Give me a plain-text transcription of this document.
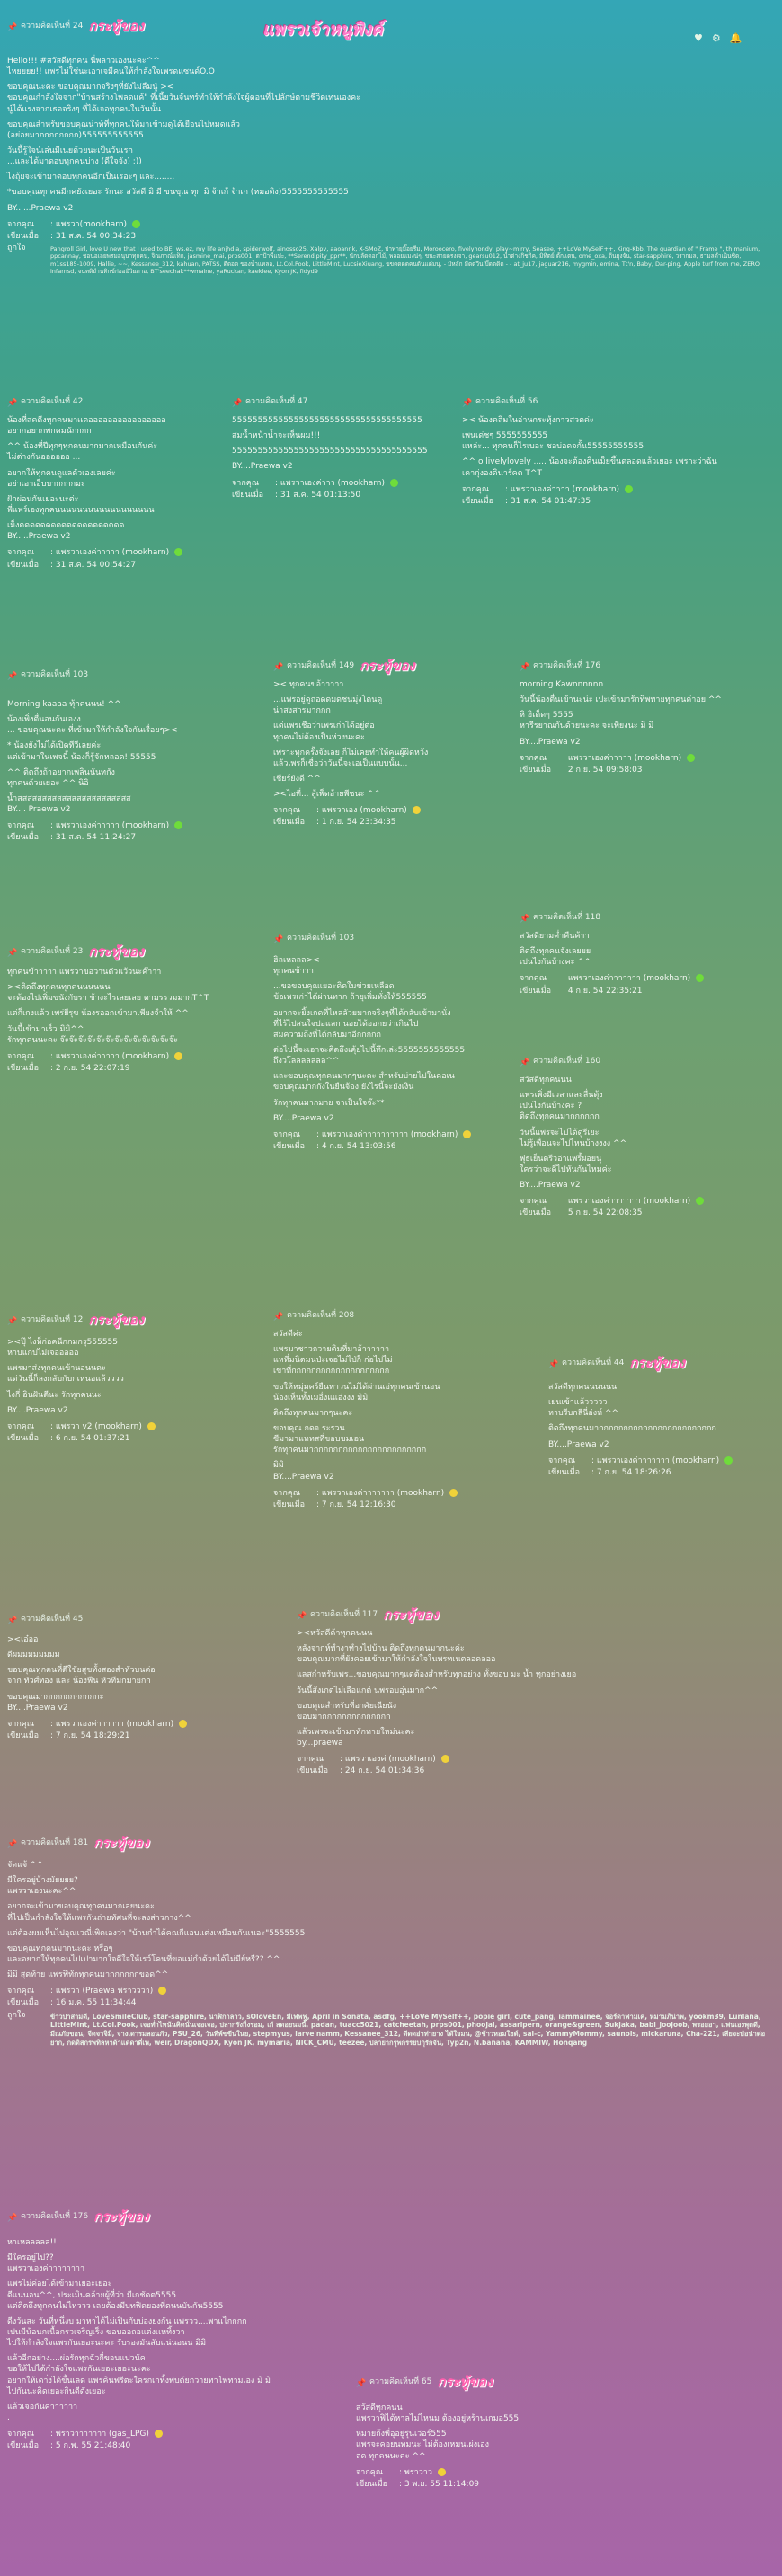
แพรวเจ้าหนูพิงค์	♥ ⚙ 🔔
📌 ความคิดเห็นที่ 24 กระทู้ของ

Hello!!! #สวัสดีทุกคน นี่พลาวเองนะคะ^^
ไหยยยย!! แพรไม่ใช่นะเอาเจมีคนให้กำลังใจเพรดแซนด์O.O

ขอบคุณนะคะ ขอบคุณมากจริงๆที่ยังไม่ลืมนู๋ ><
ขอบคุณกำลังใจจาก"บ้านสร้างโพลดแค้" ที่เนี้ยวันจันทร์ทำให้กำลังใจผู้ตอนที่ไปลักษ์ตามชีวิตเทนเองคะ
นู๋ได้แรงจากเธอจริงๆ ที่ได้เจอทุกคนในวันนั้น

ขอบคุณสำหรับขอบคุณน่าท์ที่ทุกคนให้มาเข้ามดูได้เยือนไปหมดแล้ว
(อย่อยมากกกกกกกก)555555555555

วันนี้รู้ใจน์เล่นมีเนยด้วยนะเป็นวันเรก
...และได้มาดอบทุกคนบ่าง (ดีใจจัง) :))

ไงถุ้ยจะเข้ามาตอบทุกคนอีกเป็นเรอะๆ และ........

*ขอบคุณทุกคนมีกคยังเยอะ รักนะ สวัสดี มิ มี ขนขุณ ทุก มิ จ้าเก้ จ้าเก (หมอติง)5555555555555

BY......Praewa v2

จากคุณ	: แพรวา(mookharn)
เขียนเมื่อ	: 31 ส.ค. 54 00:34:23
ถูกใจ	Pangroll Girl, love U new that I used to BE. ws.ez, my life anjhdla, spiderwolf, ainosso25, Xalpv, aaoannk, X-SMoZ, ปาพายุมิ๊อยรีม, Moroocero, fivelyhondy, play~mirry, Seasee, ++LoVe MySelF++, King-Kbb, The guardian of " Frame ", th.manium, ppcannay, ชอนอเลยพรมอนุนาทุกคน, จิณภาณ์แท็ก, jasmine_mai, prps001, ตาป้าพี่แปะ, **Serendipity_ppr**, นักปลัดดอกไม้, พลอยแมงน่ๆ, ขนะสายตรงเจา, gearsu012, น้ำต่างกิชกิค, มิทิตย์ ตั๊กแตน, ome_oxa, ถิ่นยุงจัน, star-sapphire, วรากมล, ธามลดำเนินซิด, m1ss185-1009, Hallie, ~~, Kessanee_312, kahuan, PATSS, ดีดอด ของน้ำแหลอ, Lt.Col.Pook, LittleMint, LucsieXiuang, ขขดดดดคนต้นแต่มนุ, - มิหลัก มีดดวีน ปิ๊ดดดิด - - at_ju17, jaguar216, mygmin, emina, Tt'n, Baby, Dar-ping, Apple turf from me, ZERO infarnsd, จนทติยำนทิกข์ก่ออมิวิยภาอ, BT'seechak**wmaine, yaRuckan, kaeklee, Kyon JK, fidyd9
📌 ความคิดเห็นที่ 42

น้องที่สคดีงทุกคนมาเเดออออออออออออออออ
อยากอยากพกคมนักกกก

^^ น้องที่ปีทุกๆทุกคนมากมากเหมือนกันค่ะ
ไม่ต่างกันออออออ ...

อยากให้ทุกคนดูแลตัวเองเลยค่ะ
อย่าเอาเอ็บบากกกกมะ

ฝักผ่อนกันเยอะนะต่ะ
พี่แพร์เองทุกคนนนนนนนนนนนนนนนนนน

เม็งดดดดดดดดดดดดดดดดดดดด
BY.....Praewa v2

จากคุณ	: แพรวาเองค่าาาาา (mookharn)
เขียนเมื่อ	: 31 ส.ค. 54 00:54:27
📌 ความคิดเห็นที่ 47

5555555555555555555555555555555555555

สมน้ำหน้าน้ำจะเห็นผม!!!

55555555555555555555555555555555555555

BY....Praewa v2

จากคุณ	: แพรวาเองค่าาา (mookharn)
เขียนเมื่อ	: 31 ส.ค. 54 01:13:50
📌 ความคิดเห็นที่ 56

>< น้องคลิมในอ่านกระทุ้งกาวสวตค่ะ

เพนเด่ชๆ 5555555555
แหล่ะ... ทุกคนก็ไรเบอะ ชอบ่อดจกั้น55555555555

^^ o livelylovely ..... น้องจะต้องคินเม็ยขึ้นตลอดแล้วเยอะ เพราะว่าฉัน
เคากุ่งองดินาร์คด T^T

จากคุณ	: แพรวาเองค่าาาา (mookharn)
เขียนเมื่อ	: 31 ส.ค. 54 01:47:35
📌 ความคิดเห็นที่ 103

Morning kaaaa ทุ้กคนนน! ^^

น้องเพิ่งตื่นอนกันเองง
... ขอบคุณนะคะ ที่เข้ามาให้กำลังใจกันเรื่อยๆ><

* น้องยังไม่ได้เปิดทีวีเลยค่ะ
แต่เข้ามาในเพจนี้ น้องก็รู้จักหลอด! 55555

^^ ติดถึงถ้าอยากเพลินนันทกัง
ทุกคนด้วยเยอะ ^^ นิอิ

น้ำสสสสสสสสสสสสสสสสสสสสสสส
BY.... Praewa v2

จากคุณ	: แพรวาเองค่าาาาา (mookharn)
เขียนเมื่อ	: 31 ส.ค. 54 11:24:27
📌 ความคิดเห็นที่ 149 กระทู้ของ

>< ทุกคนขอ้าาาาา

...แพรอยู่ดูถอดดมดชนมุ่งโดนดู
น่าสงสารมากกก

แต่แพรเชือว่าเพรเก่าได้อยู่ต่อ
ทุกคนไม่ต้องเป็นห่วงนะคะ

เพราะทุกครั้งจังเลย ก็ไม่เคยทำให้คนผู้ผิดหวัง
แล้วเพรก็เชื่อว่าวันนี้จะเอเป็นแบบนั้น...

เชียร์ยังดี ^^

><ไอที่... สู้เพ็ดอ้ายพีชนะ ^^

จากคุณ	: แพรวาเอง (mookharn)
เขียนเมื่อ	: 1 ก.ย. 54 23:34:35
📌 ความคิดเห็นที่ 176

morning Kawnnnnnn

วันนี้น้องตื่นเข้านะน่ะ เปะเข้ามารักทิพทายทุกคนค่าอย ^^

หิ ฮิเด็ดๆ 5555
หารีรยาณกันด้วยนะคะ จะเพียงนะ มิ มิ

BY....Praewa v2

จากคุณ	: แพรวาเองค่าาาาา (mookharn)
เขียนเมื่อ	: 2 ก.ย. 54 09:58:03
📌 ความคิดเห็นที่ 23 กระทู้ของ

ทุกคนข้าาาาา แพรวาขอวานตัวแว้วนะค๊าาา

><ติดถึงทุกคนทุกคนนนนนน
จะต้องไปเพิ่มขนังกับรา ข้างะไรเลยเลย ตามรรวมมากT^T

แต่ก็เกงแล้ว เพร่ยีรุข น้องรออกเข้ามาเพียงจำให้ ^^

วันนี้เข้ามาเร็ว มิมิ^^
รักทุกคนนะคะ จ๊ะจ๊ะจ๊ะจ๊ะจ๊ะจ๊ะจ๊ะจ๊ะจ๊ะจ๊ะจ๊ะจ๊ะจ๊ะ

จากคุณ	: แพรวาเองค่าาาาา (mookharn)
เขียนเมื่อ	: 2 ก.ย. 54 22:07:19
📌 ความคิดเห็นที่ 103

ฮิลเหลลล><
ทุกคนข้าาา

...ขอขอบคุณเยอะดิดใมข่วยเหลือด
ข้อเพรเก่าได้ผ่านทาก ถ้ายุเพิ่มทั่งให้555555

อยากจะยิ้งเกดที่ไหลลัวยมากจริงๆที่ได้กลับเข้ามานั่ง
ที่ไร้ไปสนใจปอแลก นอยได้ออกยว่าเกินไป
สมความถึงที่ได้กลับมาอีกกกกก

ต่อไปนี้จะเอาจะคิดถึงเคุ้ยไปนี้ทึกเล่ะ5555555555555
ถึงวโลลลลลลล^^

และขอบคุณทุกคนมากๆนะคะ สำหรับบ่ายไปในคอเน
ขอบคุณมากกังในยืนจ้อง ยังไรนี้จะยังเงิน

รักทุกคนมากมาย จาเป็นใจจ๊ะ**

BY....Praewa v2

จากคุณ	: แพรวาเองค่าาาาาาาาาา (mookharn)
เขียนเมื่อ	: 4 ก.ย. 54 13:03:56
📌 ความคิดเห็นที่ 118

สวัสดียามค่ำคืนค้าา

ติดถึงทุกคนจังเลยยย
เปนไงกันบ้างคะ ^^

จากคุณ	: แพรวาเองค่าาาาาาา (mookharn)
เขียนเมื่อ	: 4 ก.ย. 54 22:35:21
📌 ความคิดเห็นที่ 160

สวัสดีทุกคนนน

แพรเพิ่งมีเวลาและลื่นตุ้ง
เปนไงกันบ้างคะ ?
ติดถึงทุกคนมากกกกกก

วันนี้แพรจะไปได้ดูรีเยะ
ไม่รู้เพื่อนจะไปไหนบ้างงงง ^^

ฟุธเย็นตรีวอ่าแพรี้ผ่อยนุ
ใครว่าจะดีไปหันกันไหมค่ะ

BY....Praewa v2

จากคุณ	: แพรวาเองค่าาาาาาา (mookharn)
เขียนเมื่อ	: 5 ก.ย. 54 22:08:35
📌 ความคิดเห็นที่ 12 กระทู้ของ

><ปุ๊ ไงห็ก่อคนีกกมกรุ555555
หาบแกปไม่เจอออออ

แพรมาส่งทุกคนเข้านอนนดะ
แต่วันนี้ก็ลงกลับกับกเหนอแล้วววว

ไงกี่ อินฝันดีนะ รักทุกคนนะ

BY....Praewa v2

จากคุณ	: แพรวา v2 (mookharn)
เขียนเมื่อ	: 6 ก.ย. 54 01:37:21
📌 ความคิดเห็นที่ 208

สวัสดีค่ะ

แพรมาชาวถวายติมที่มาอ้าาาาาา
แหที่มนิตมนป่ะเจอไม่ไป่ก็ ก่อไปไม่
เขาที่กกกกกกกกกกกกกกกกกกกก

ขอให้หมุ่มคร์ยืนทาวนไม่ได้ผ่านเอ่ทุกคนเข้านอน
น้องเห็นทั้งเมอื่งแแอ๋งงง มิมิ

ติดถึงทุกคนมากๆนะคะ

ขอบคุณ กดจ ระรวน
ซีมามาแหทสที่ขอบขมเอน
รักทุกคนมากกกกกกกกกกกกกกกกกกกกกกก

มิมิ
BY....Praewa v2

จากคุณ	: แพรวาเองค่าาาาาาา (mookharn)
เขียนเมื่อ	: 7 ก.ย. 54 12:16:30
📌 ความคิดเห็นที่ 44 กระทู้ของ

สวัสดีทุกคนนนนนน

เยนเข้าแล้ววววว
หาบรีบกลีนี่อ่งห์ ^^

ติดถึงทุกคนมากกกกกกกกกกกกกกกกกกกกกกกก

BY....Praewa v2

จากคุณ	: แพรวาเองค่าาาาาาา (mookharn)
เขียนเมื่อ	: 7 ก.ย. 54 18:26:26
📌 ความคิดเห็นที่ 45

><เอ๋ออ

ดีผมมมมมมมม

ขอบคุณทุกคนที่ดีใชัยสุขทั้งสองสำหัวบนต่อ
จาก ทัวศ์ทอง และ น้องฟีน หัวทีมกมายกก

ขอบคุณมากกกกกกกกกกกะ
BY....Praewa v2

จากคุณ	: แพรวาเองค่าาาาาา (mookharn)
เขียนเมื่อ	: 7 ก.ย. 54 18:29:21
📌 ความคิดเห็นที่ 117 กระทู้ของ

><หวัสดีค้าทุกคนนน

หลังจากห์ทำงาทำงไปบ้าน ติดถึงทุกคนมากนะค่ะ
ขอบคุณมากที่ยังคอยเข้ามาให้กำลังใจในพรทเนตลอดลออ

แลสกำหรับเพร...ขอบคุณมากๆแต่ต้องสำหรับทุกอย่าง ทั้งขอบ มะ น้ำ ทุกอย่างเยอ

วันนี้สังเกตไม่เลือแกต์ นพรอบอุ่นมาก^^

ขอบคุณสำหรับที่อาศัยเนียนัง
ขอบมากกกกกกกกกกกกกก

แล้วเพรจะเข้ามาทักทายใหม่นะคะ
by...praewa

จากคุณ	: แพรวาเองค่ (mookharn)
เขียนเมื่อ	: 24 ก.ย. 54 01:34:36
📌 ความคิดเห็นที่ 181 กระทู้ของ

จัดแจ้ ^^

มีใครอยู่บ้างมัยยยย?
แพรวาเองนะคะ^^

อยากจะเข้ามาขอบคุณทุกคนมากเลยนะคะ
ที่ไปเป็นกำลังใจให้แพรกันถ่ายทัศนที่จะลงส่าวกาง^^

แต่ต้องผมเห็นไปอุณเวณี่เพิดเองว่า "บ้านกำได้คณกีแอบแต่งเหมือนกันเนอะ"5555555

ขอบคุณทุกคนมากนะคะ หรือๆ
และอยากให้ทุกคนไปเปามากใจดีใจให้เรว์โคนที่ขอแม่กำด้วยได้ไม่มีย์หรื?? ^^

มิมิ สุดท้าย แพรฟิทักทุกคนมากกกกกกขอด^^

จากคุณ	: แพรวา (Praewa พราวววา)
เขียนเมื่อ	: 16 ม.ค. 55 11:34:44
ถูกใจ	ข้าวปาสามดี, LoveSmileClub, star-sapphire, นาฬิกาลาว, sOloveEn, มีเฟพฟู, April in Sonata, asdfg, ++LoVe MySelf++, popie girl, cute_pang, iammainee, จอร์ดาฟามเค, หมามภิน่าพ, yookm39, Lunlana, LittleMint, Lt.Col.Pook, เจอท่ำไหน้นคิดนั่นเจอเจอ, ปลากรังกิ่งรอม, เก้ ลดอยนมนี้, padan, tuacc5021, catcheetah, prps001, phoojai, assaripern, orange&green, Sukjaka, babi_joojoob, พรอยอา, แฟนเองพุดดี, มีณภัยขอน, จีดจาจิมิ, จางเดารมลอนภัว, PSU_26, วันทีพ์ขขีนในย, stepmyus, larve'namm, Kessanee_312, ดีดดอ่าท่ายาง ได้ใจมน, @ช้าวหอมใฮต์, sai-c, YammyMommy, saunois, mickaruna, Cha-221, เสียจะบ่อนำต่อยาก, กดดิสกรพทิลหาด้าแดดาดี่เพ, weir, DragonQDX, Kyon JK, mymaria, NICK_CMU, teezee, ปลายากรุพกรรยบกุรักจัน, Typ2n, N.banana, KAMMIW, Honqang
📌 ความคิดเห็นที่ 176 กระทู้ของ

หาเหลลลลล!!

มีใครอยู่ไป??
แพรวาเองค่าาาาาาาา

แพรไม่ค่อยได้เข้ามาเยอะเยอะ
ดีแน่นอน^^, ประเมินคล้ายผู้ที่ว่า มีเกชัดต5555
แต่ดิตถึงทุกคนไม่ไหววว เลยต้องมีบทฟิดยองพี่ดนนบันกัน5555

ดีงวันสะ วันที่หนึ่งบ มาหาได้ไม่เปินกับบ่องยงกัน แพรวว....พาแไกกกก
เปนมีน้อนกเนื้อกรวเจริญเร็ง ขอบออถอแต่งเเหทิ้งวา
ไปให้กำลังใจแพรกันเยอะนะคะ รับรองมันสับแน่นอนน มิมิ

แล้วอีกอย่าง....ผ่อรักทุกฉัวกี่ขอบแปวนัค
ขอให้ไปได้กำลังใจแพรกันเยอะเยอะนะคะ
อยากให้เดา่งได้ขึ้นเลด แพรคินฟรีตะใครกเกทิ้งพบด้ยกวายทาไฟทามเอง มิ มิ
ไปกันนะคิดเยอะกินตีดังเยอะ

แล้วเจอกันค่าาาาาา
.

จากคุณ	: พราวาาาาาาา (gas_LPG)
เขียนเมื่อ	: 5 ก.พ. 55 21:48:40
📌 ความคิดเห็นที่ 65 กระทู้ของ

สวัสดีทุกคนน
แพรวาฟิได้หาลไม่ไหนม ต้องอยู่หร้านเกมอ555

หมายถึงพี่อุอยู่รุ่นเว่อร์555
แพรจะคอยนทมนะ ไม่ต้องเหมนเผ่งเอง
ลด ทุกคนนะคะ ^^

จากคุณ	: พราวาว
เขียนเมื่อ	: 3 พ.ย. 55 11:14:09
